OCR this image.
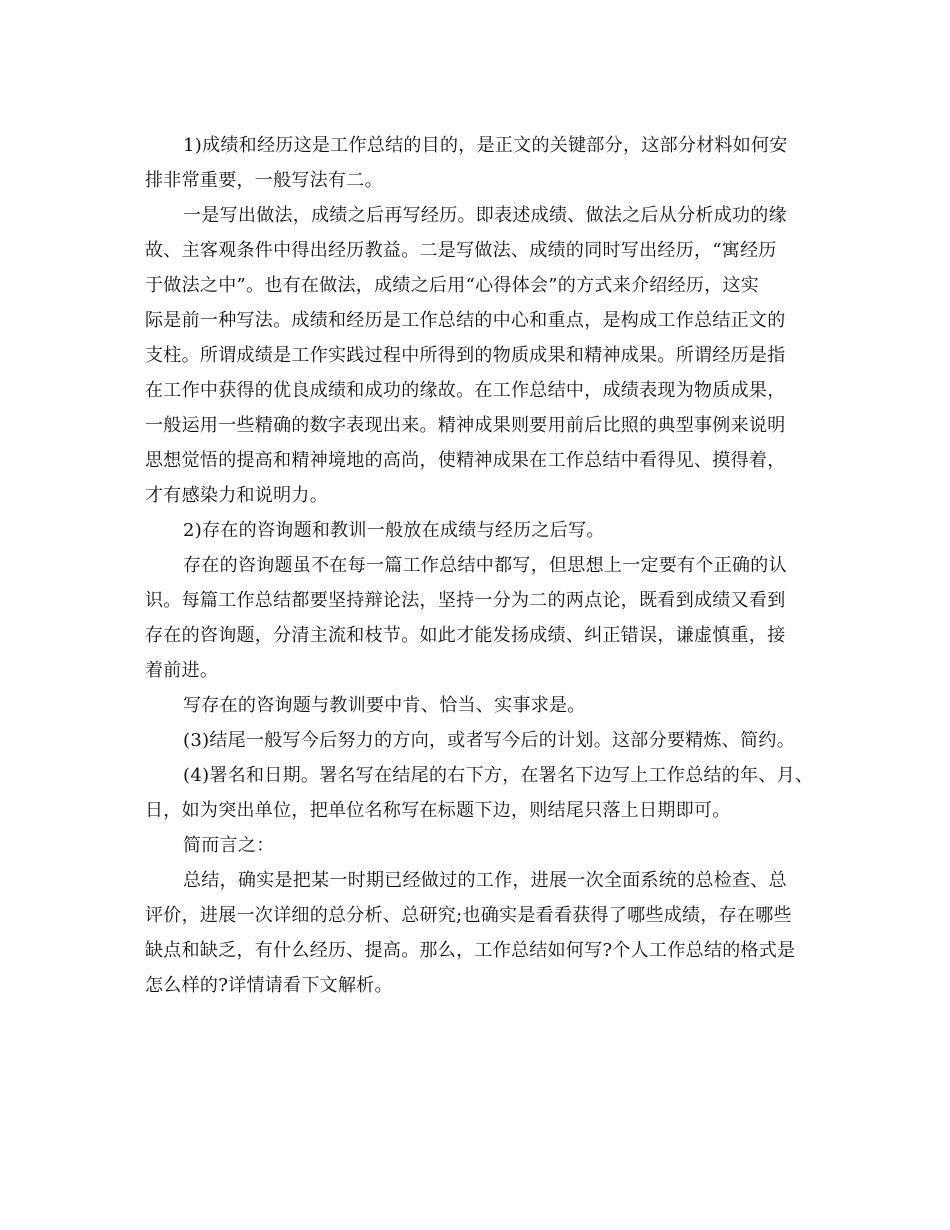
1)成绩和经历这是工作总结的目的，是正文的关键部分，这部分材料如何安
排非常重要，一般写法有二。
一是写出做法，成绩之后再写经历。即表述成绩、做法之后从分析成功的缘
故、主客观条件中得出经历教益。二是写做法、成绩的同时写出经历，“寓经历
于做法之中”。也有在做法，成绩之后用“心得体会”的方式来介绍经历，这实
际是前一种写法。成绩和经历是工作总结的中心和重点，是构成工作总结正文的
支柱。所谓成绩是工作实践过程中所得到的物质成果和精神成果。所谓经历是指
在工作中获得的优良成绩和成功的缘故。在工作总结中，成绩表现为物质成果，
一般运用一些精确的数字表现出来。精神成果则要用前后比照的典型事例来说明
思想觉悟的提高和精神境地的高尚，使精神成果在工作总结中看得见、摸得着，
才有感染力和说明力。
2)存在的咨询题和教训一般放在成绩与经历之后写。
存在的咨询题虽不在每一篇工作总结中都写，但思想上一定要有个正确的认
识。每篇工作总结都要坚持辩论法，坚持一分为二的两点论，既看到成绩又看到
存在的咨询题，分清主流和枝节。如此才能发扬成绩、纠正错误，谦虚慎重，接
着前进。
写存在的咨询题与教训要中肯、恰当、实事求是。
(3)结尾一般写今后努力的方向，或者写今后的计划。这部分要精炼、简约。
(4)署名和日期。署名写在结尾的右下方，在署名下边写上工作总结的年、月、
日，如为突出单位，把单位名称写在标题下边，则结尾只落上日期即可。
简而言之：
总结，确实是把某一时期已经做过的工作，进展一次全面系统的总检查、总
评价，进展一次详细的总分析、总研究;也确实是看看获得了哪些成绩，存在哪些
缺点和缺乏，有什么经历、提高。那么，工作总结如何写?个人工作总结的格式是
怎么样的?详情请看下文解析。
